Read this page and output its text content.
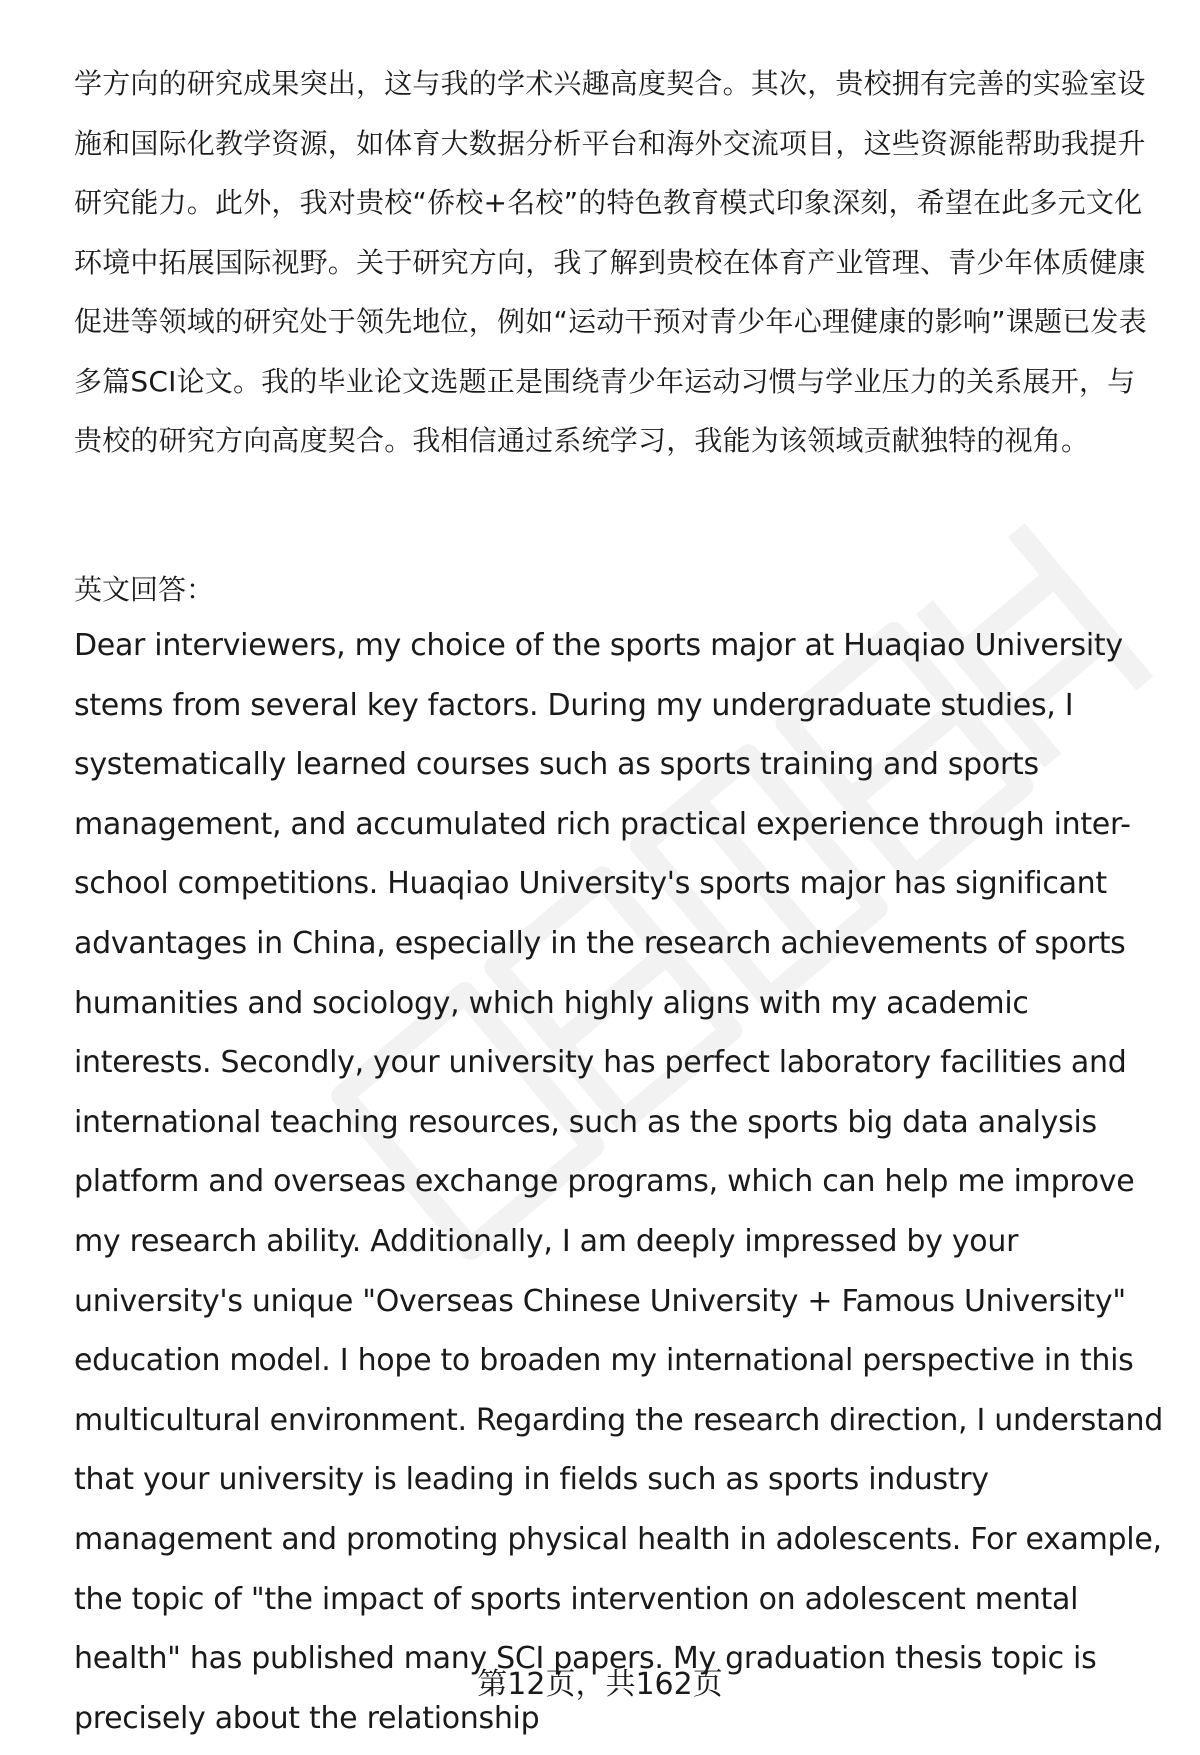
学方向的研究成果突出，这与我的学术兴趣高度契合。其次，贵校拥有完善的实验室设施和国际化教学资源，如体育大数据分析平台和海外交流项目，这些资源能帮助我提升研究能力。此外，我对贵校“侨校+名校”的特色教育模式印象深刻，希望在此多元文化环境中拓展国际视野。关于研究方向，我了解到贵校在体育产业管理、青少年体质健康促进等领域的研究处于领先地位，例如“运动干预对青少年心理健康的影响”课题已发表多篇SCI论文。我的毕业论文选题正是围绕青少年运动习惯与学业压力的关系展开，与贵校的研究方向高度契合。我相信通过系统学习，我能为该领域贡献独特的视角。

英文回答：

Dear interviewers, my choice of the sports major at Huaqiao University stems from several key factors. During my undergraduate studies, I systematically learned courses such as sports training and sports management, and accumulated rich practical experience through inter-school competitions. Huaqiao University's sports major has significant advantages in China, especially in the research achievements of sports humanities and sociology, which highly aligns with my academic interests. Secondly, your university has perfect laboratory facilities and international teaching resources, such as the sports big data analysis platform and overseas exchange programs, which can help me improve my research ability. Additionally, I am deeply impressed by your university's unique "Overseas Chinese University + Famous University" education model. I hope to broaden my international perspective in this multicultural environment. Regarding the research direction, I understand that your university is leading in fields such as sports industry management and promoting physical health in adolescents. For example, the topic of "the impact of sports intervention on adolescent mental health" has published many SCI papers. My graduation thesis topic is precisely about the relationship

第12页，共162页
